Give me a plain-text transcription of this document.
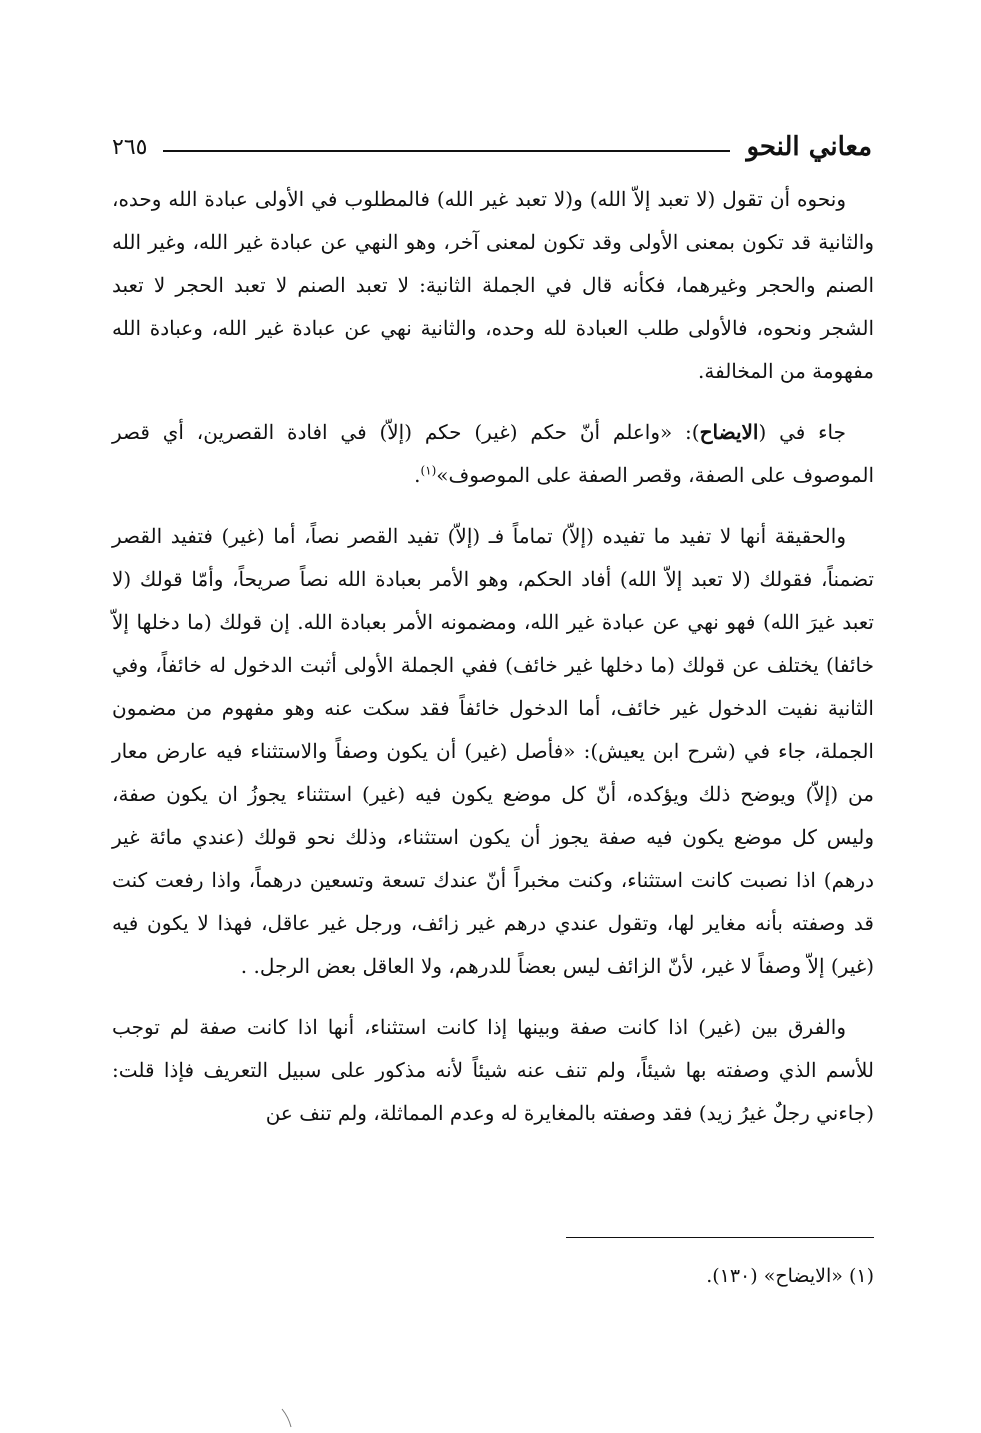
معاني النحو
٢٦٥

ونحوه أن تقول (لا تعبد إلاّ الله) و(لا تعبد غير الله) فالمطلوب في الأولى عبادة الله وحده، والثانية قد تكون بمعنى الأولى وقد تكون لمعنى آخر، وهو النهي عن عبادة غير الله، وغير الله الصنم والحجر وغيرهما، فكأنه قال في الجملة الثانية: لا تعبد الصنم لا تعبد الحجر لا تعبد الشجر ونحوه، فالأولى طلب العبادة لله وحده، والثانية نهي عن عبادة غير الله، وعبادة الله مفهومة من المخالفة.

جاء في (الايضاح): «واعلم أنّ حكم (غير) حكم (إلاّ) في افادة القصرين، أي قصر الموصوف على الصفة، وقصر الصفة على الموصوف»$^{(١)}$.

والحقيقة أنها لا تفيد ما تفيده (إلاّ) تماماً فـ (إلاّ) تفيد القصر نصاً، أما (غير) فتفيد القصر تضمناً، فقولك (لا تعبد إلاّ الله) أفاد الحكم، وهو الأمر بعبادة الله نصاً صريحاً، وأمّا قولك (لا تعبد غيرَ الله) فهو نهي عن عبادة غير الله، ومضمونه الأمر بعبادة الله. إن قولك (ما دخلها إلاّ خائفا) يختلف عن قولك (ما دخلها غير خائف) ففي الجملة الأولى أثبت الدخول له خائفاً، وفي الثانية نفيت الدخول غير خائف، أما الدخول خائفاً فقد سكت عنه وهو مفهوم من مضمون الجملة، جاء في (شرح ابن يعيش): «فأصل (غير) أن يكون وصفاً والاستثناء فيه عارض معار من (إلاّ) ويوضح ذلك ويؤكده، أنّ كل موضع يكون فيه (غير) استثناء يجوزُ ان يكون صفة، وليس كل موضع يكون فيه صفة يجوز أن يكون استثناء، وذلك نحو قولك (عندي مائة غير درهم) اذا نصبت كانت استثناء، وكنت مخبراً أنّ عندك تسعة وتسعين درهماً، واذا رفعت كنت قد وصفته بأنه مغاير لها، وتقول عندي درهم غير زائف، ورجل غير عاقل، فهذا لا يكون فيه (غير) إلاّ وصفاً لا غير، لأنّ الزائف ليس بعضاً للدرهم، ولا العاقل بعض الرجل. .

والفرق بين (غير) اذا كانت صفة وبينها إذا كانت استثناء، أنها اذا كانت صفة لم توجب للأسم الذي وصفته بها شيئاً، ولم تنف عنه شيئاً لأنه مذكور على سبيل التعريف فإذا قلت: (جاءني رجلٌ غيرُ زيد) فقد وصفته بالمغايرة له وعدم المماثلة، ولم تنف عن

(١) «الايضاح» (١٣٠).
